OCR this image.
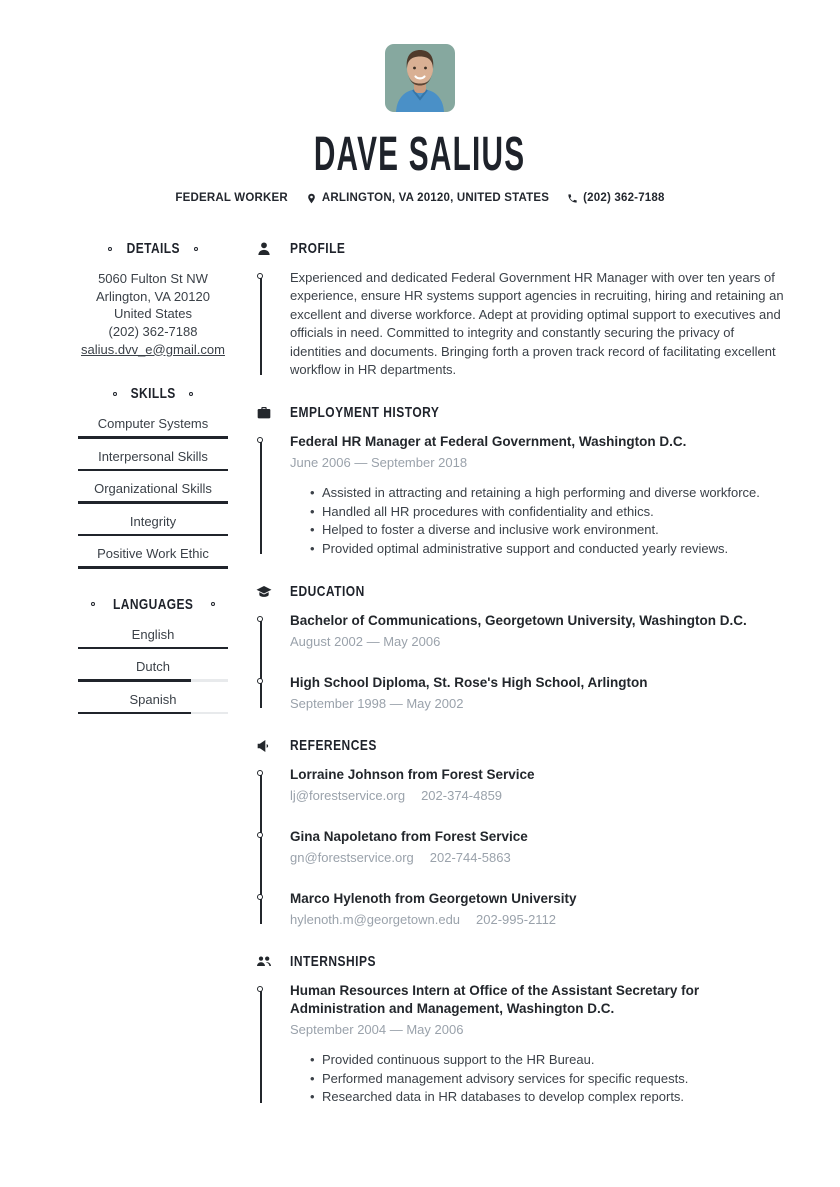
DAVE SALIUS
FEDERAL WORKER	ARLINGTON, VA 20120, UNITED STATES	(202) 362-7188
DETAILS
5060 Fulton St NW
Arlington, VA 20120
United States
(202) 362-7188
salius.dvv_e@gmail.com
SKILLS
Computer Systems
Interpersonal Skills
Organizational Skills
Integrity
Positive Work Ethic
LANGUAGES
English
Dutch
Spanish
PROFILE

Experienced and dedicated Federal Government HR Manager with over ten years of experience, ensure HR systems support agencies in recruiting, hiring and retaining an excellent and diverse workforce. Adept at providing optimal support to executives and officials in need. Committed to integrity and constantly securing the privacy of identities and documents. Bringing forth a proven track record of facilitating excellent workflow in HR departments.

EMPLOYMENT HISTORY
Federal HR Manager at Federal Government, Washington D.C.
June 2006 — September 2018
• Assisted in attracting and retaining a high performing and diverse workforce.
• Handled all HR procedures with confidentiality and ethics.
• Helped to foster a diverse and inclusive work environment.
• Provided optimal administrative support and conducted yearly reviews.
EDUCATION
Bachelor of Communications, Georgetown University, Washington D.C.
August 2002 — May 2006
High School Diploma, St. Rose's High School, Arlington
September 1998 — May 2002
REFERENCES
Lorraine Johnson from Forest Service
lj@forestservice.org 202-374-4859
Gina Napoletano from Forest Service
gn@forestservice.org 202-744-5863
Marco Hylenoth from Georgetown University
hylenoth.m@georgetown.edu 202-995-2112
INTERNSHIPS
Human Resources Intern at Office of the Assistant Secretary for Administration and Management, Washington D.C.
September 2004 — May 2006
• Provided continuous support to the HR Bureau.
• Performed management advisory services for specific requests.
• Researched data in HR databases to develop complex reports.
